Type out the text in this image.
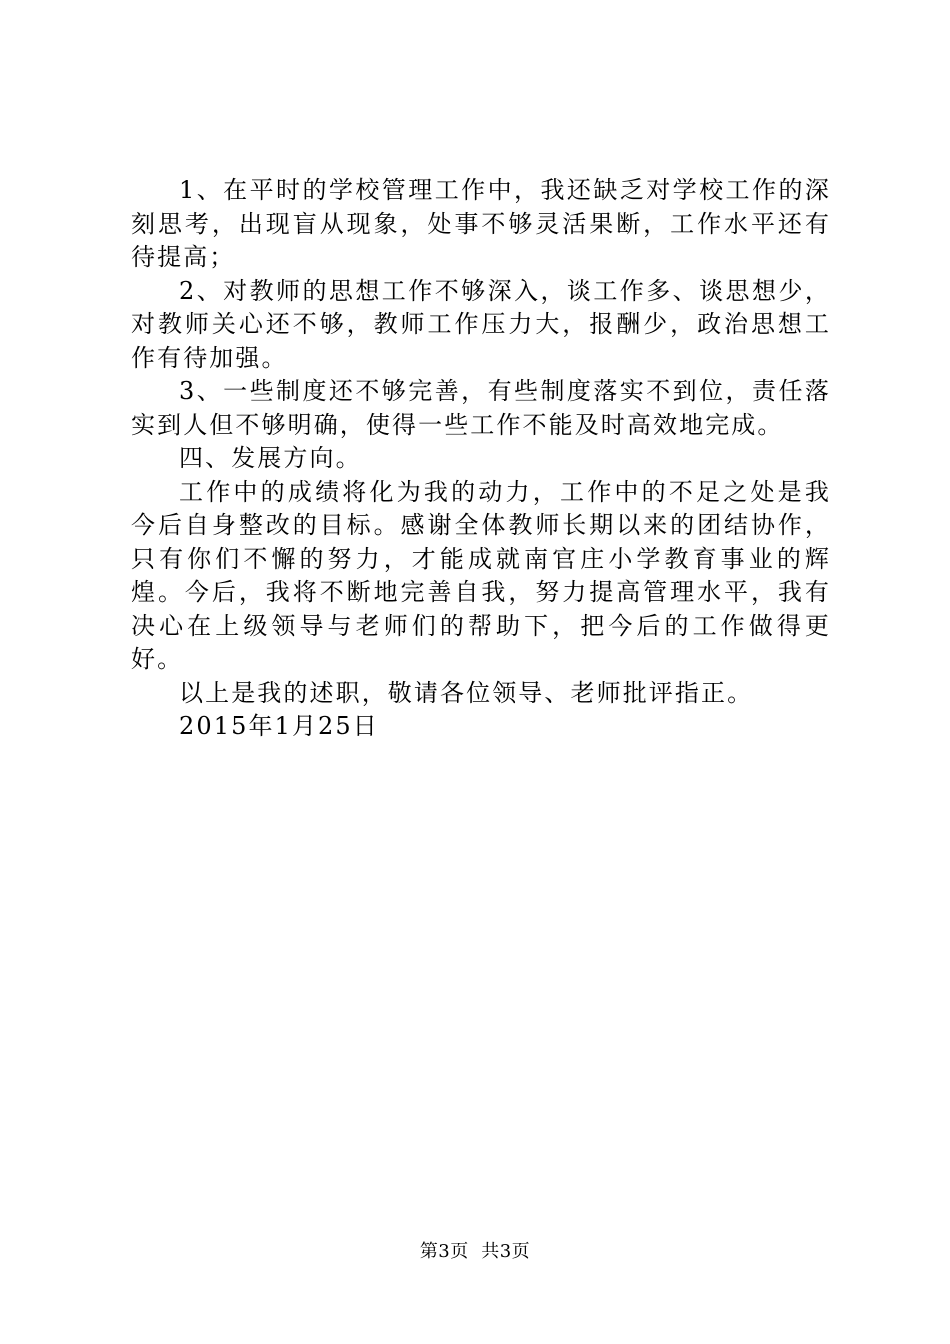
1、在平时的学校管理工作中，我还缺乏对学校工作的深刻思考，出现盲从现象，处事不够灵活果断，工作水平还有待提高；

2、对教师的思想工作不够深入，谈工作多、谈思想少，对教师关心还不够，教师工作压力大，报酬少，政治思想工作有待加强。

3、一些制度还不够完善，有些制度落实不到位，责任落实到人但不够明确，使得一些工作不能及时高效地完成。

四、发展方向。

工作中的成绩将化为我的动力，工作中的不足之处是我今后自身整改的目标。感谢全体教师长期以来的团结协作，只有你们不懈的努力，才能成就南官庄小学教育事业的辉煌。今后，我将不断地完善自我，努力提高管理水平，我有决心在上级领导与老师们的帮助下，把今后的工作做得更好。

以上是我的述职，敬请各位领导、老师批评指正。

2015年1月25日

第3页  共3页
